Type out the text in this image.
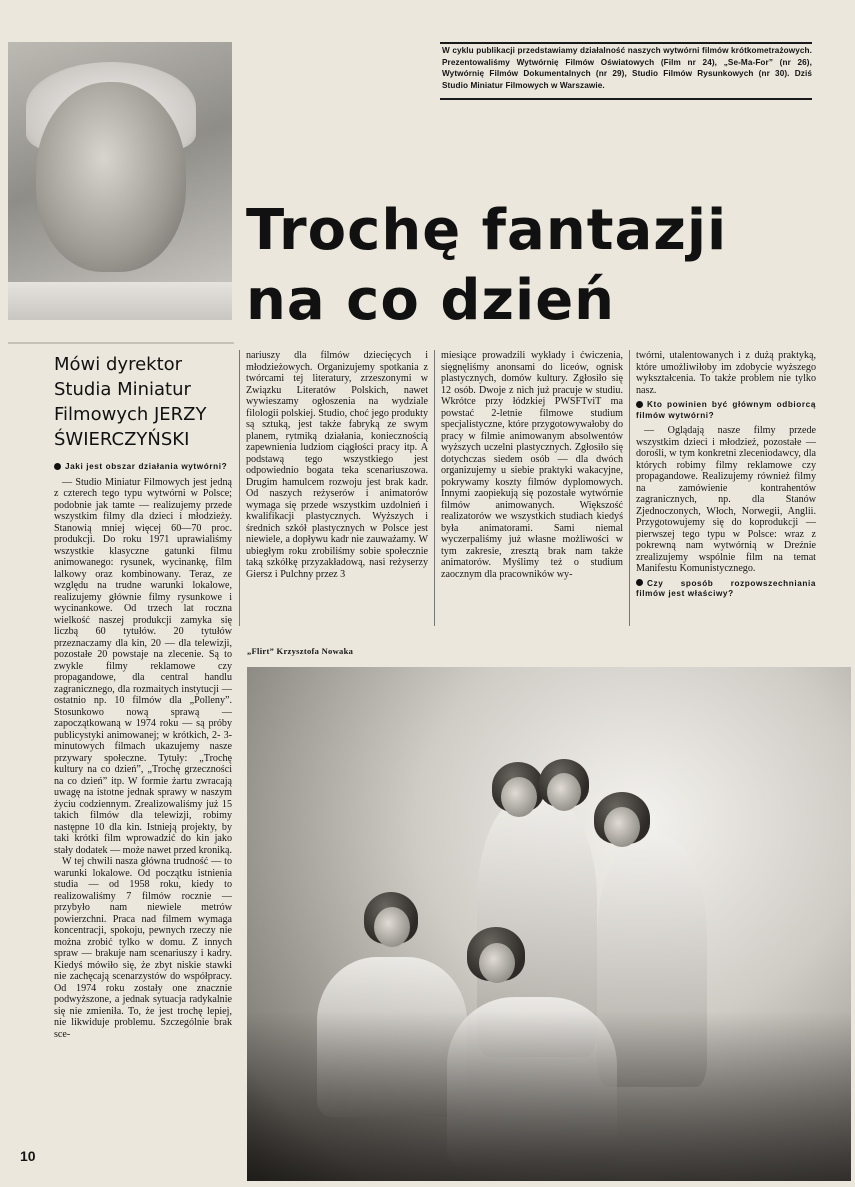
W cyklu publikacji przedstawiamy działalność naszych wytwórni filmów krótkometrażowych. Prezentowaliśmy Wytwórnię Filmów Oświatowych (Film nr 24), „Se-Ma-For” (nr 26), Wytwórnię Filmów Dokumentalnych (nr 29), Studio Filmów Rysunkowych (nr 30). Dziś Studio Miniatur Filmowych w Warszawie.
Trochę fantazji
na co dzień
Mówi dyrektor
Studia Miniatur
Filmowych JERZY
ŚWIERCZYŃSKI
Jaki jest obszar działania wytwórni?

— Studio Miniatur Filmowych jest jedną z czterech tego typu wytwórni w Polsce; podobnie jak tamte — realizujemy przede wszystkim filmy dla dzieci i młodzieży. Stanowią mniej więcej 60—70 proc. produkcji. Do roku 1971 uprawialiśmy wszystkie klasyczne gatunki filmu animowanego: rysunek, wycinankę, film lalkowy oraz kombinowany. Teraz, ze względu na trudne warunki lokalowe, realizujemy głównie filmy rysunkowe i wycinankowe. Od trzech lat roczna wielkość naszej produkcji zamyka się liczbą 60 tytułów. 20 tytułów przeznaczamy dla kin, 20 — dla telewizji, pozostałe 20 powstaje na zlecenie. Są to zwykle filmy reklamowe czy propagandowe, dla central handlu zagranicznego, dla rozmaitych instytucji — ostatnio np. 10 filmów dla „Polleny”. Stosunkowo nową sprawą — zapoczątkowaną w 1974 roku — są próby publicystyki animowanej; w krótkich, 2- 3-minutowych filmach ukazujemy nasze przywary społeczne. Tytuły: „Trochę kultury na co dzień”, „Trochę grzeczności na co dzień” itp. W formie żartu zwracają uwagę na istotne jednak sprawy w naszym życiu codziennym. Zrealizowaliśmy już 15 takich filmów dla telewizji, robimy następne 10 dla kin. Istnieją projekty, by taki krótki film wprowadzić do kin jako stały dodatek — może nawet przed kroniką.

W tej chwili nasza główna trudność — to warunki lokalowe. Od początku istnienia studia — od 1958 roku, kiedy to realizowaliśmy 7 filmów rocznie — przybyło nam niewiele metrów powierzchni. Praca nad filmem wymaga koncentracji, spokoju, pewnych rzeczy nie można zrobić tylko w domu. Z innych spraw — brakuje nam scenariuszy i kadry. Kiedyś mówiło się, że zbyt niskie stawki nie zachęcają scenarzystów do współpracy. Od 1974 roku zostały one znacznie podwyższone, a jednak sytuacja radykalnie się nie zmieniła. To, że jest trochę lepiej, nie likwiduje problemu. Szczególnie brak sce-

nariuszy dla filmów dziecięcych i młodzieżowych. Organizujemy spotkania z twórcami tej literatury, zrzeszonymi w Związku Literatów Polskich, nawet wywieszamy ogłoszenia na wydziale filologii polskiej. Studio, choć jego produkty są sztuką, jest także fabryką ze swym planem, rytmiką działania, koniecznością zapewnienia ludziom ciągłości pracy itp. A podstawą tego wszystkiego jest odpowiednio bogata teka scenariuszowa. Drugim hamulcem rozwoju jest brak kadr. Od naszych reżyserów i animatorów wymaga się przede wszystkim uzdolnień i kwalifikacji plastycznych. Wyższych i średnich szkół plastycznych w Polsce jest niewiele, a dopływu kadr nie zauważamy. W ubiegłym roku zrobiliśmy sobie społecznie taką szkółkę przyzakładową, nasi reżyserzy Giersz i Pulchny przez 3

miesiące prowadzili wykłady i ćwiczenia, sięgnęliśmy anonsami do liceów, ognisk plastycznych, domów kultury. Zgłosiło się 12 osób. Dwoje z nich już pracuje w studiu. Wkrótce przy łódzkiej PWSFTviT ma powstać 2-letnie filmowe studium specjalistyczne, które przygotowywałoby do pracy w filmie animowanym absolwentów wyższych uczelni plastycznych. Zgłosiło się dotychczas siedem osób — dla dwóch organizujemy u siebie praktyki wakacyjne, pokrywamy koszty filmów dyplomowych. Innymi zaopiekują się pozostałe wytwórnie filmów animowanych. Większość realizatorów we wszystkich studiach kiedyś była animatorami. Sami niemal wyczerpaliśmy już własne możliwości w tym zakresie, zresztą brak nam także animatorów. Myślimy też o studium zaocznym dla pracowników wy-

twórni, utalentowanych i z dużą praktyką, które umożliwiłoby im zdobycie wyższego wykształcenia. To także problem nie tylko nasz.

Kto powinien być głównym odbiorcą filmów wytwórni?

— Oglądają nasze filmy przede wszystkim dzieci i młodzież, pozostałe — dorośli, w tym konkretni zleceniodawcy, dla których robimy filmy reklamowe czy propagandowe. Realizujemy również filmy na zamówienie kontrahentów zagranicznych, np. dla Stanów Zjednoczonych, Włoch, Norwegii, Anglii. Przygotowujemy się do koprodukcji — pierwszej tego typu w Polsce: wraz z pokrewną nam wytwórnią w Dreźnie zrealizujemy wspólnie film na temat Manifestu Komunistycznego.

Czy sposób rozpowszechniania filmów jest właściwy?
„Flirt” Krzysztofa Nowaka
10
